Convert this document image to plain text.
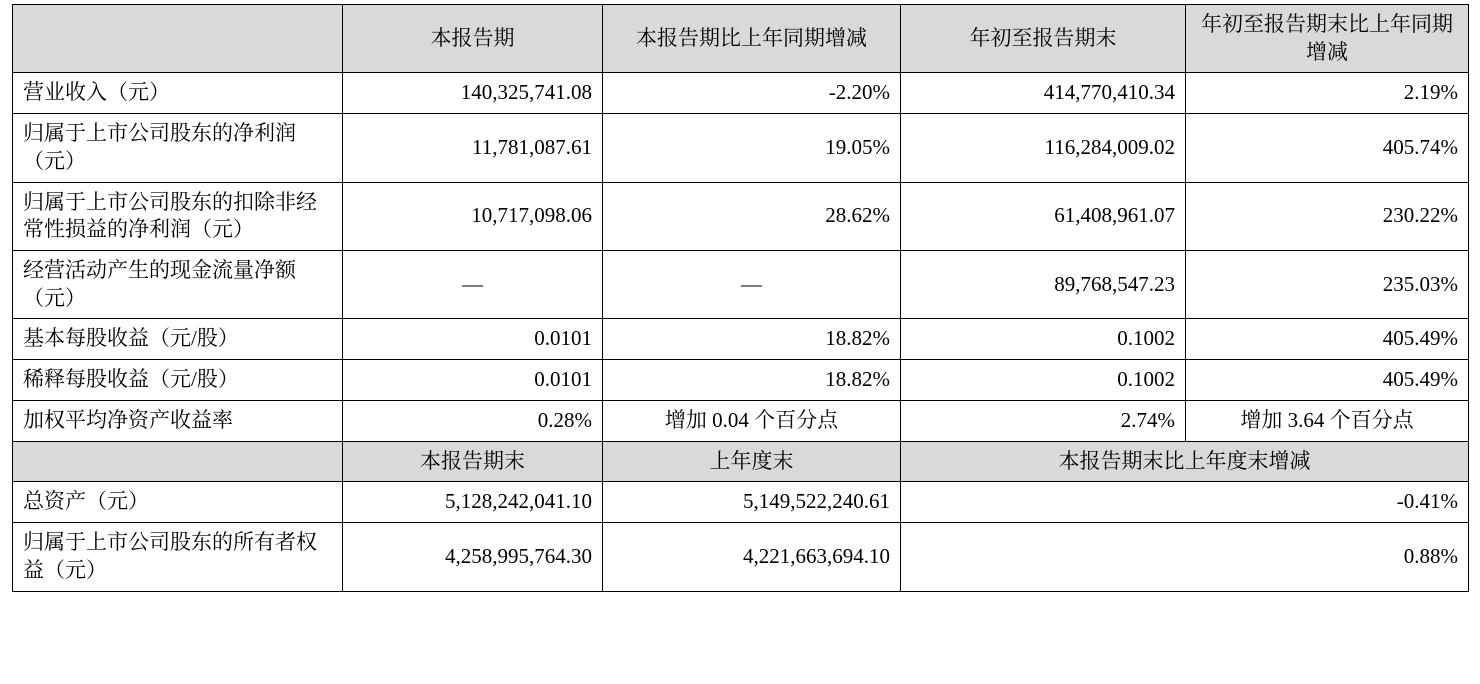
	本报告期	本报告期比上年同期增减	年初至报告期末	年初至报告期末比上年同期增减
营业收入（元）	140,325,741.08	-2.20%	414,770,410.34	2.19%
归属于上市公司股东的净利润（元）	11,781,087.61	19.05%	116,284,009.02	405.74%
归属于上市公司股东的扣除非经常性损益的净利润（元）	10,717,098.06	28.62%	61,408,961.07	230.22%
经营活动产生的现金流量净额（元）	—	—	89,768,547.23	235.03%
基本每股收益（元/股）	0.0101	18.82%	0.1002	405.49%
稀释每股收益（元/股）	0.0101	18.82%	0.1002	405.49%
加权平均净资产收益率	0.28%	增加 0.04 个百分点	2.74%	增加 3.64 个百分点
	本报告期末	上年度末	本报告期末比上年度末增减	
总资产（元）	5,128,242,041.10	5,149,522,240.61	-0.41%	
归属于上市公司股东的所有者权益（元）	4,258,995,764.30	4,221,663,694.10	0.88%	
